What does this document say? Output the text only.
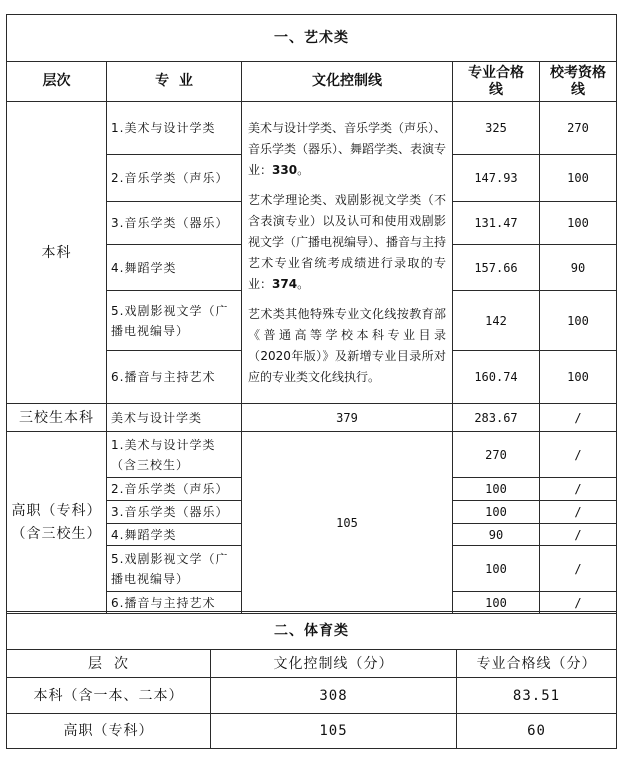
一、艺术类				
层次	专  业	文化控制线	专业合格线	校考资格线
本科	1.美术与设计学类	美术与设计学类、音乐学类（声乐）、音乐学类（器乐）、舞蹈学类、表演专业：330。

艺术学理论类、戏剧影视文学类（不含表演专业）以及认可和使用戏剧影视文学（广播电视编导）、播音与主持艺术专业省统考成绩进行录取的专业：374。

艺术类其他特殊专业文化线按教育部《普通高等学校本科专业目录（2020年版）》及新增专业目录所对应的专业类文化线执行。	325	270
	2.音乐学类（声乐）		147.93	100
	3.音乐学类（器乐）		131.47	100
	4.舞蹈学类		157.66	90
	5.戏剧影视文学（广播电视编导）		142	100
	6.播音与主持艺术		160.74	100
三校生本科	美术与设计学类	379	283.67	/
高职（专科）（含三校生）	1.美术与设计学类（含三校生）	105	270	/
	2.音乐学类（声乐）		100	/
	3.音乐学类（器乐）		100	/
	4.舞蹈学类		90	/
	5.戏剧影视文学（广播电视编导）		100	/
	6.播音与主持艺术		100	/
二、体育类		
层  次	文化控制线（分）	专业合格线（分）
本科（含一本、二本）	308	83.51
高职（专科）	105	60
